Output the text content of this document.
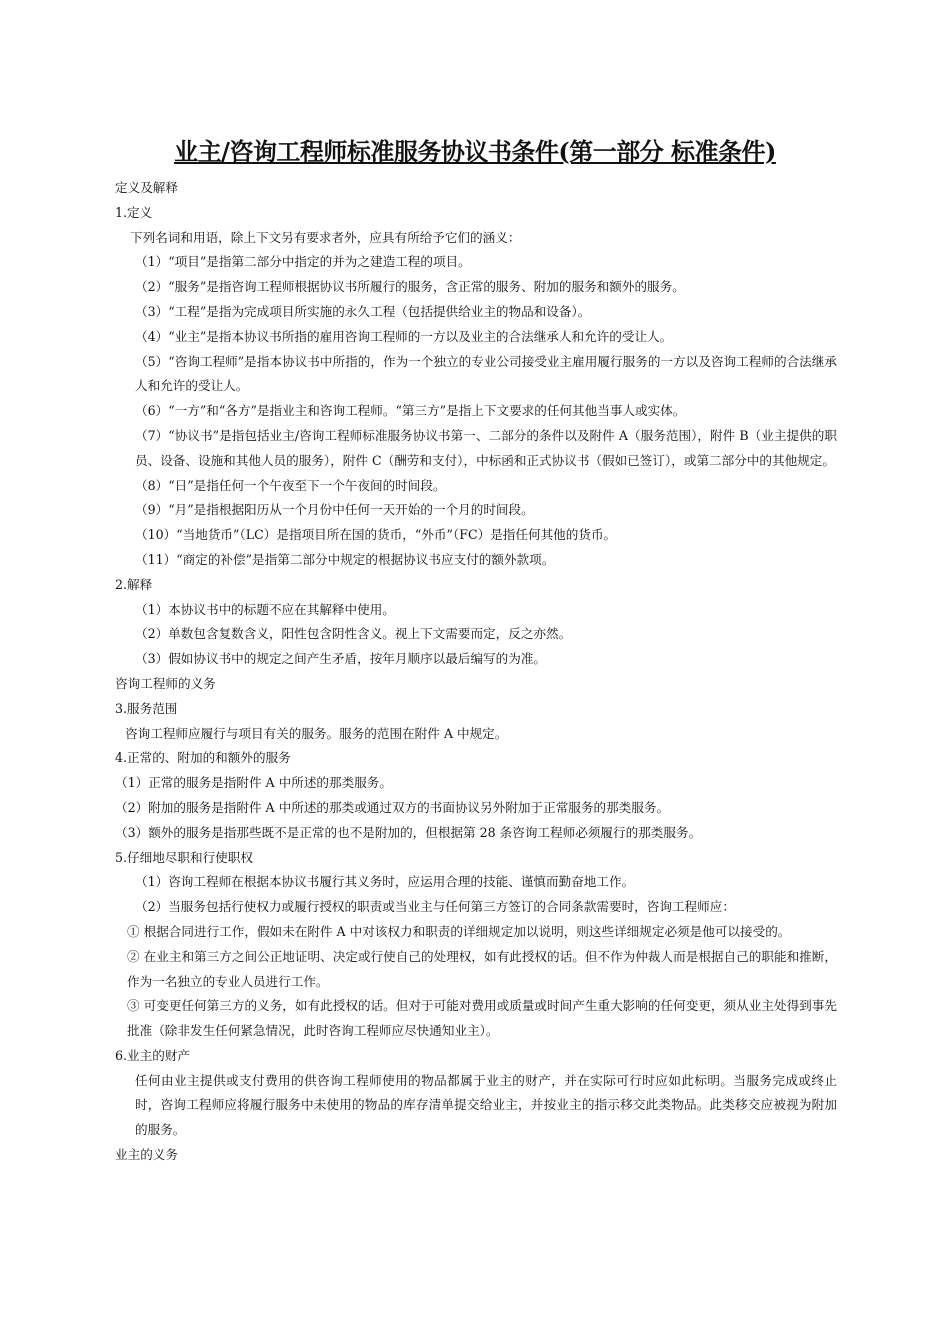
业主/咨询工程师标准服务协议书条件(第一部分 标准条件)

定义及解释

1.定义

下列名词和用语，除上下文另有要求者外，应具有所给予它们的涵义：

（1）“项目”是指第二部分中指定的并为之建造工程的项目。

（2）“服务”是指咨询工程师根据协议书所履行的服务，含正常的服务、附加的服务和额外的服务。

（3）“工程”是指为完成项目所实施的永久工程（包括提供给业主的物品和设备）。

（4）“业主”是指本协议书所指的雇用咨询工程师的一方以及业主的合法继承人和允许的受让人。

（5）“咨询工程师”是指本协议书中所指的，作为一个独立的专业公司接受业主雇用履行服务的一方以及咨询工程师的合法继承人和允许的受让人。

（6）“一方”和“各方”是指业主和咨询工程师。“第三方”是指上下文要求的任何其他当事人或实体。

（7）“协议书”是指包括业主/咨询工程师标准服务协议书第一、二部分的条件以及附件 A（服务范围），附件 B（业主提供的职员、设备、设施和其他人员的服务），附件 C（酬劳和支付），中标函和正式协议书（假如已签订），或第二部分中的其他规定。

（8）“日”是指任何一个午夜至下一个午夜间的时间段。

（9）“月”是指根据阳历从一个月份中任何一天开始的一个月的时间段。

（10）“当地货币”（LC）是指项目所在国的货币，“外币”（FC）是指任何其他的货币。

（11）“商定的补偿”是指第二部分中规定的根据协议书应支付的额外款项。

2.解释

（1）本协议书中的标题不应在其解释中使用。

（2）单数包含复数含义，阳性包含阴性含义。视上下文需要而定，反之亦然。

（3）假如协议书中的规定之间产生矛盾，按年月顺序以最后编写的为准。

咨询工程师的义务

3.服务范围

咨询工程师应履行与项目有关的服务。服务的范围在附件 A 中规定。

4.正常的、附加的和额外的服务

（1）正常的服务是指附件 A 中所述的那类服务。

（2）附加的服务是指附件 A 中所述的那类或通过双方的书面协议另外附加于正常服务的那类服务。

（3）额外的服务是指那些既不是正常的也不是附加的，但根据第 28 条咨询工程师必须履行的那类服务。

5.仔细地尽职和行使职权

（1）咨询工程师在根据本协议书履行其义务时，应运用合理的技能、谨慎而勤奋地工作。

（2）当服务包括行使权力或履行授权的职责或当业主与任何第三方签订的合同条款需要时，咨询工程师应：

① 根据合同进行工作，假如未在附件 A 中对该权力和职责的详细规定加以说明，则这些详细规定必须是他可以接受的。

② 在业主和第三方之间公正地证明、决定或行使自己的处理权，如有此授权的话。但不作为仲裁人而是根据自己的职能和推断，作为一名独立的专业人员进行工作。

③ 可变更任何第三方的义务，如有此授权的话。但对于可能对费用或质量或时间产生重大影响的任何变更，须从业主处得到事先批准（除非发生任何紧急情况，此时咨询工程师应尽快通知业主）。

6.业主的财产

任何由业主提供或支付费用的供咨询工程师使用的物品都属于业主的财产，并在实际可行时应如此标明。当服务完成或终止时，咨询工程师应将履行服务中未使用的物品的库存清单提交给业主，并按业主的指示移交此类物品。此类移交应被视为附加的服务。

业主的义务
